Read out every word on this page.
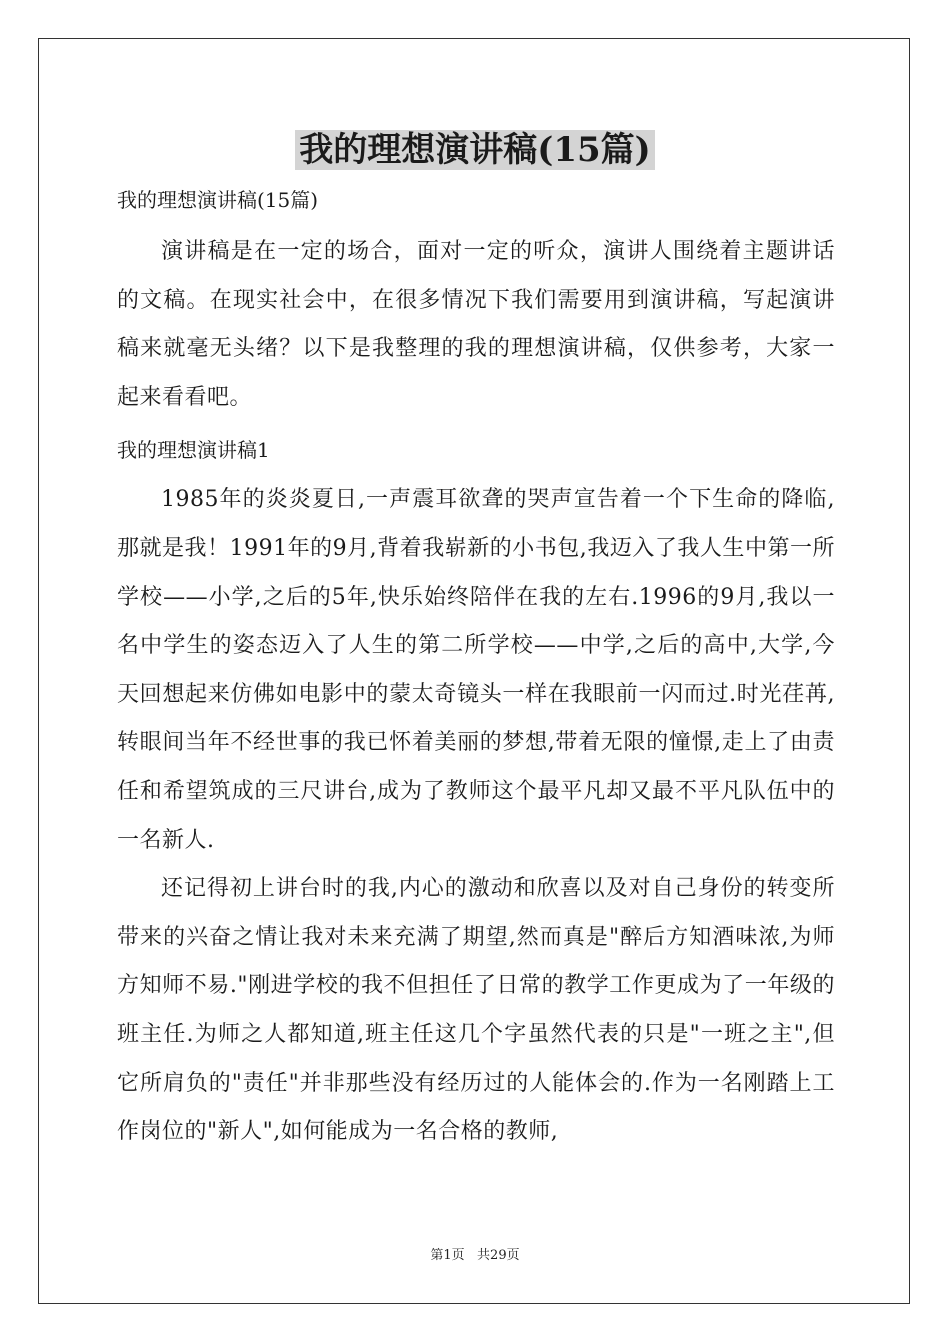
我的理想演讲稿(15篇)

我的理想演讲稿(15篇)

演讲稿是在一定的场合，面对一定的听众，演讲人围绕着主题讲话的文稿。在现实社会中，在很多情况下我们需要用到演讲稿，写起演讲稿来就毫无头绪？以下是我整理的我的理想演讲稿，仅供参考，大家一起来看看吧。

我的理想演讲稿1

1985年的炎炎夏日,一声震耳欲聋的哭声宣告着一个下生命的降临,那就是我！1991年的9月,背着我崭新的小书包,我迈入了我人生中第一所学校——小学,之后的5年,快乐始终陪伴在我的左右.1996的9月,我以一名中学生的姿态迈入了人生的第二所学校——中学,之后的高中,大学,今天回想起来仿佛如电影中的蒙太奇镜头一样在我眼前一闪而过.时光荏苒,转眼间当年不经世事的我已怀着美丽的梦想,带着无限的憧憬,走上了由责任和希望筑成的三尺讲台,成为了教师这个最平凡却又最不平凡队伍中的一名新人.

还记得初上讲台时的我,内心的激动和欣喜以及对自己身份的转变所带来的兴奋之情让我对未来充满了期望,然而真是"醉后方知酒味浓,为师方知师不易."刚进学校的我不但担任了日常的教学工作更成为了一年级的班主任.为师之人都知道,班主任这几个字虽然代表的只是"一班之主",但它所肩负的"责任"并非那些没有经历过的人能体会的.作为一名刚踏上工作岗位的"新人",如何能成为一名合格的教师,

第1页   共29页
